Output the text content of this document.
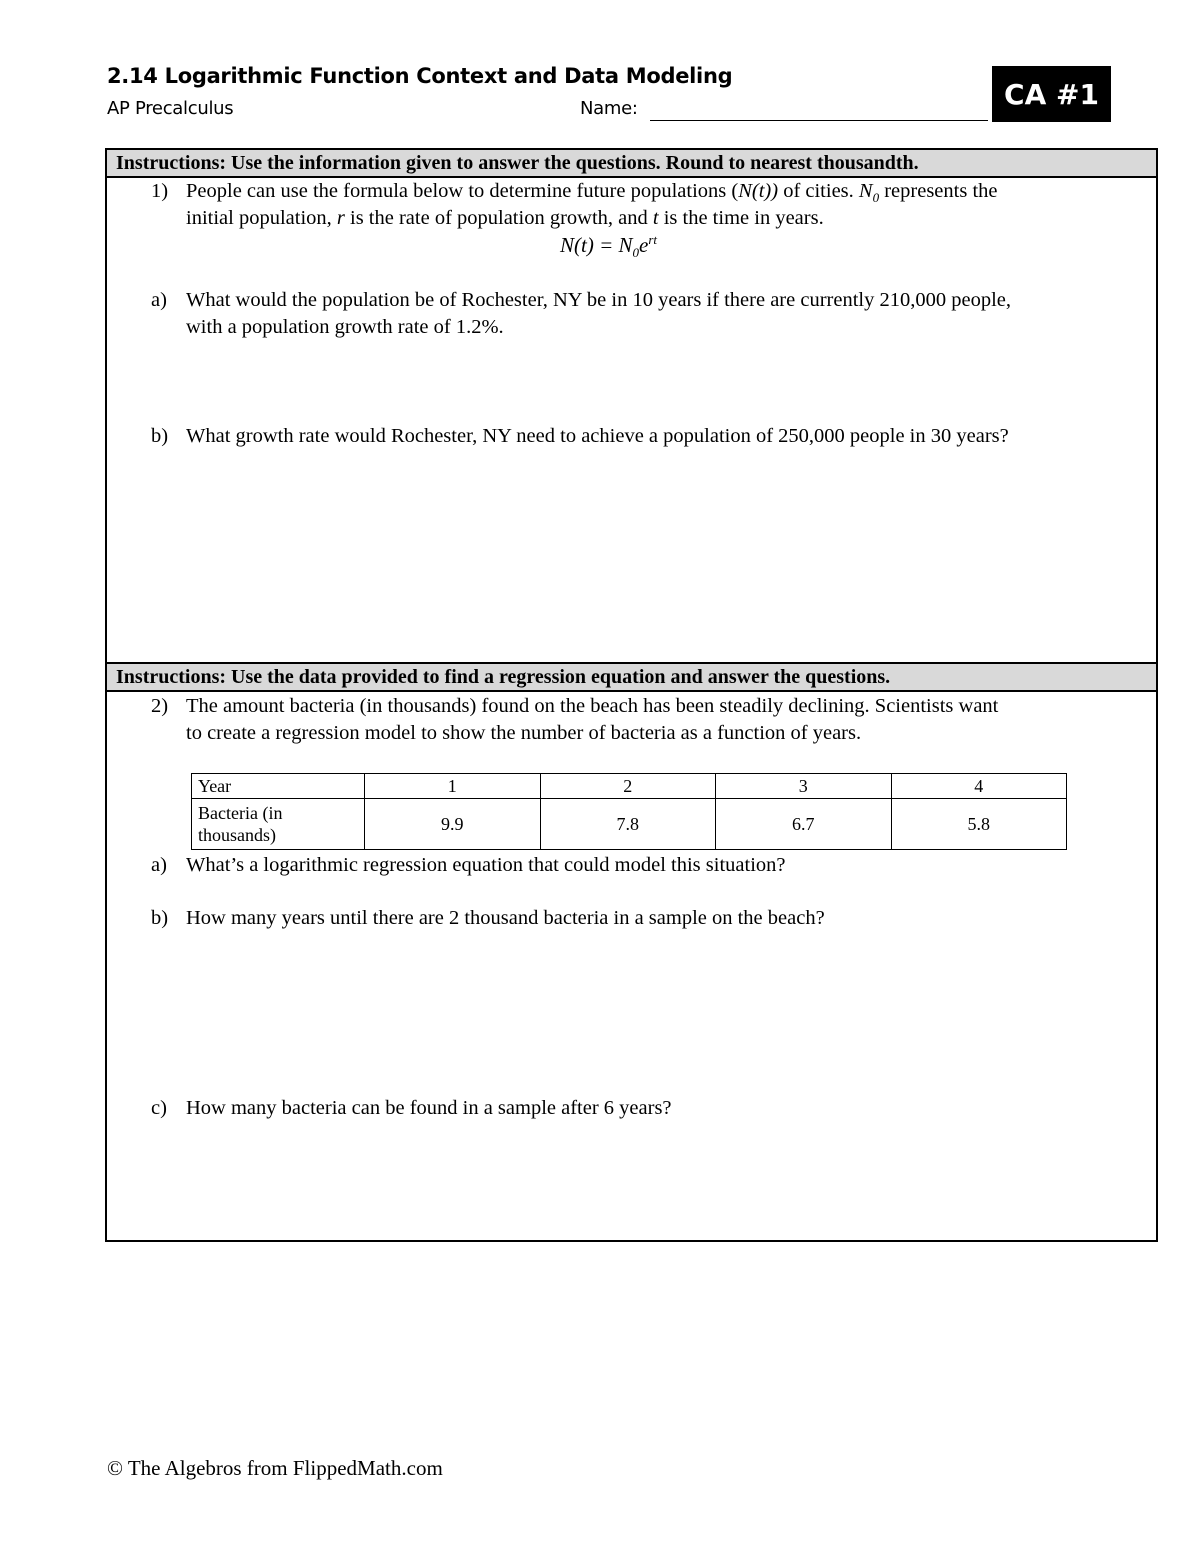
2.14 Logarithmic Function Context and Data Modeling
AP Precalculus	Name:	CA #1
Instructions: Use the information given to answer the questions. Round to nearest thousandth.
1) People can use the formula below to determine future populations (N(t)) of cities. $N_0$ represents the
initial population, r is the rate of population growth, and t is the time in years.
$N(t) = N_0e^{rt}$
a) What would the population be of Rochester, NY be in 10 years if there are currently 210,000 people,
with a population growth rate of 1.2%.
b) What growth rate would Rochester, NY need to achieve a population of 250,000 people in 30 years?
Instructions: Use the data provided to find a regression equation and answer the questions.
2) The amount bacteria (in thousands) found on the beach has been steadily declining. Scientists want
to create a regression model to show the number of bacteria as a function of years.
Year	1	2	3	4

Bacteria (in
thousands)	9.9	7.8	6.7	5.8
a) What’s a logarithmic regression equation that could model this situation?
b) How many years until there are 2 thousand bacteria in a sample on the beach?
c) How many bacteria can be found in a sample after 6 years?
© The Algebros from FlippedMath.com
